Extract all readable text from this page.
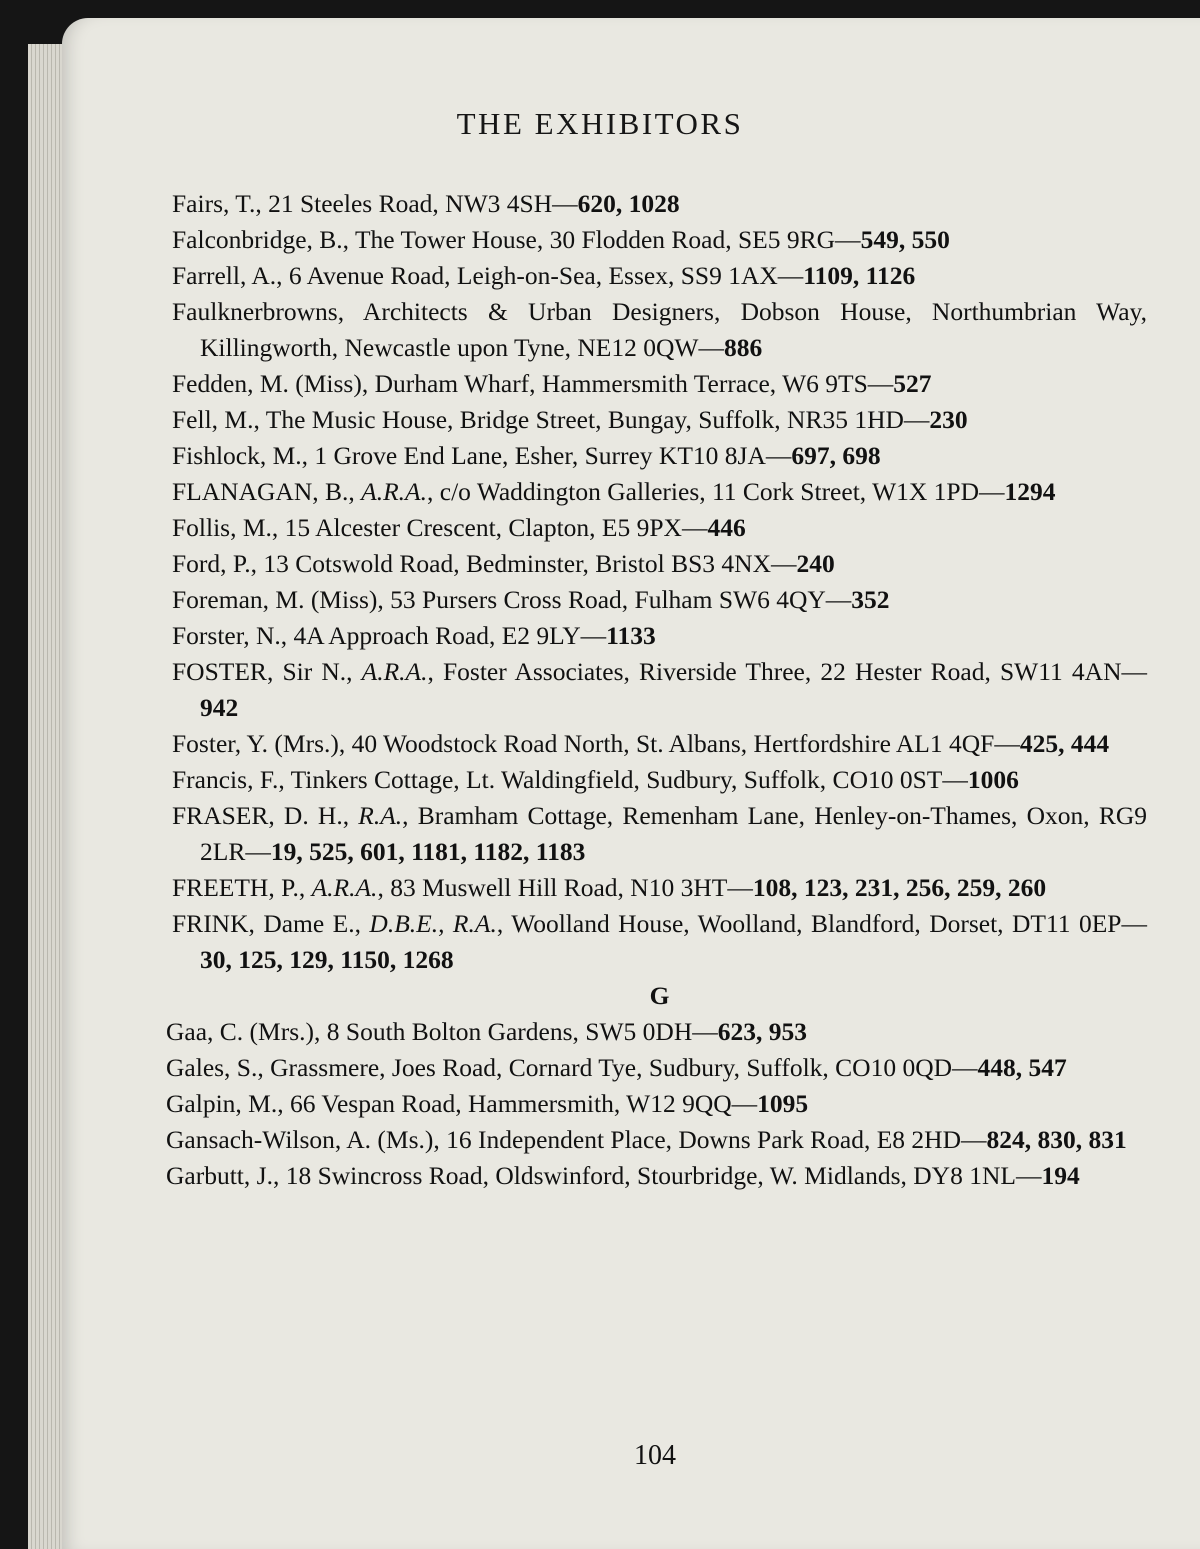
THE EXHIBITORS
Fairs, T., 21 Steeles Road, NW3 4SH—620, 1028
Falconbridge, B., The Tower House, 30 Flodden Road, SE5 9RG—549, 550
Farrell, A., 6 Avenue Road, Leigh-on-Sea, Essex, SS9 1AX—1109, 1126
Faulknerbrowns, Architects & Urban Designers, Dobson House, Northumbrian Way, Killingworth, Newcastle upon Tyne, NE12 0QW—886
Fedden, M. (Miss), Durham Wharf, Hammersmith Terrace, W6 9TS—527
Fell, M., The Music House, Bridge Street, Bungay, Suffolk, NR35 1HD—230
Fishlock, M., 1 Grove End Lane, Esher, Surrey KT10 8JA—697, 698
FLANAGAN, B., A.R.A., c/o Waddington Galleries, 11 Cork Street, W1X 1PD—1294
Follis, M., 15 Alcester Crescent, Clapton, E5 9PX—446
Ford, P., 13 Cotswold Road, Bedminster, Bristol BS3 4NX—240
Foreman, M. (Miss), 53 Pursers Cross Road, Fulham SW6 4QY—352
Forster, N., 4A Approach Road, E2 9LY—1133
FOSTER, Sir N., A.R.A., Foster Associates, Riverside Three, 22 Hester Road, SW11 4AN—942
Foster, Y. (Mrs.), 40 Woodstock Road North, St. Albans, Hertfordshire AL1 4QF—425, 444
Francis, F., Tinkers Cottage, Lt. Waldingfield, Sudbury, Suffolk, CO10 0ST—1006
FRASER, D. H., R.A., Bramham Cottage, Remenham Lane, Henley-on-Thames, Oxon, RG9 2LR—19, 525, 601, 1181, 1182, 1183
FREETH, P., A.R.A., 83 Muswell Hill Road, N10 3HT—108, 123, 231, 256, 259, 260
FRINK, Dame E., D.B.E., R.A., Woolland House, Woolland, Blandford, Dorset, DT11 0EP—30, 125, 129, 1150, 1268
G
Gaa, C. (Mrs.), 8 South Bolton Gardens, SW5 0DH—623, 953
Gales, S., Grassmere, Joes Road, Cornard Tye, Sudbury, Suffolk, CO10 0QD—448, 547
Galpin, M., 66 Vespan Road, Hammersmith, W12 9QQ—1095
Gansach-Wilson, A. (Ms.), 16 Independent Place, Downs Park Road, E8 2HD—824, 830, 831
Garbutt, J., 18 Swincross Road, Oldswinford, Stourbridge, W. Midlands, DY8 1NL—194
104
